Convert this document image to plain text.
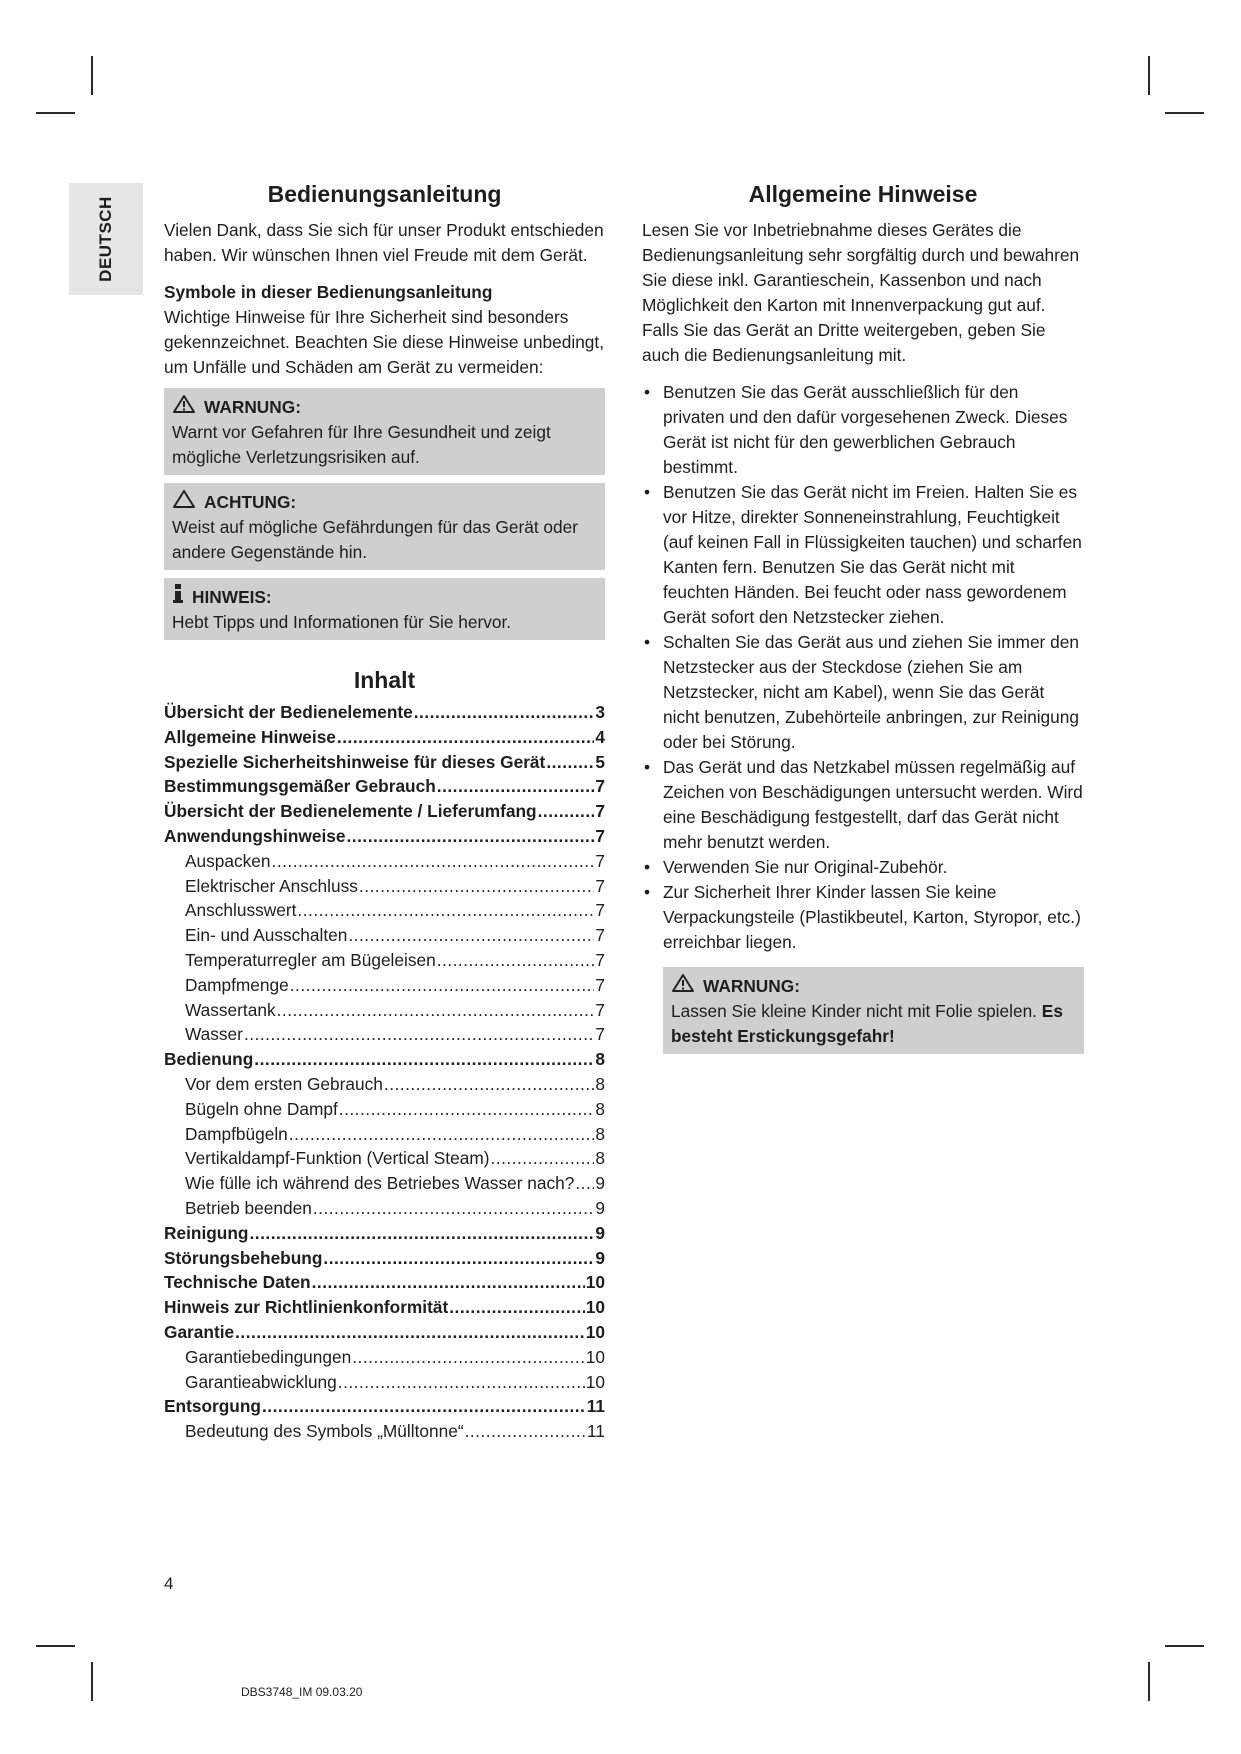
DEUTSCH
Bedienungsanleitung

Vielen Dank, dass Sie sich für unser Produkt entschieden haben. Wir wünschen Ihnen viel Freude mit dem Gerät.

Symbole in dieser Bedienungsanleitung

Wichtige Hinweise für Ihre Sicherheit sind besonders gekennzeichnet. Beachten Sie diese Hinweise unbedingt, um Unfälle und Schäden am Gerät zu vermeiden:

WARNUNG:

Warnt vor Gefahren für Ihre Gesundheit und zeigt mögliche Verletzungsrisiken auf.

ACHTUNG:

Weist auf mögliche Gefährdungen für das Gerät oder andere Gegenstände hin.

HINWEIS:

Hebt Tipps und Informationen für Sie hervor.

Inhalt
Übersicht der Bedienelemente .....	3
Allgemeine Hinweise .....	4
Spezielle Sicherheitshinweise für dieses Gerät .....	5
Bestimmungsgemäßer Gebrauch .....	7
Übersicht der Bedienelemente / Lieferumfang .....	7
Anwendungshinweise .....	7
Auspacken .....	7
Elektrischer Anschluss .....	7
Anschlusswert .....	7
Ein- und Ausschalten .....	7
Temperaturregler am Bügeleisen .....	7
Dampfmenge .....	7
Wassertank .....	7
Wasser .....	7
Bedienung .....	8
Vor dem ersten Gebrauch .....	8
Bügeln ohne Dampf .....	8
Dampfbügeln .....	8
Vertikaldampf-Funktion (Vertical Steam) .....	8
Wie fülle ich während des Betriebes Wasser nach? ..... 9
Betrieb beenden .....	9
Reinigung .....	9
Störungsbehebung .....	9
Technische Daten .....	10
Hinweis zur Richtlinienkonformität .....	10
Garantie .....	10
Garantiebedingungen .....	10
Garantieabwicklung .....	10
Entsorgung .....	11
Bedeutung des Symbols „Mülltonne“ .....	11
Allgemeine Hinweise

Lesen Sie vor Inbetriebnahme dieses Gerätes die Bedienungsanleitung sehr sorgfältig durch und bewahren Sie diese inkl. Garantieschein, Kassenbon und nach Möglichkeit den Karton mit Innenverpackung gut auf. Falls Sie das Gerät an Dritte weitergeben, geben Sie auch die Bedienungsanleitung mit.

• Benutzen Sie das Gerät ausschließlich für den privaten und den dafür vorgesehenen Zweck. Dieses Gerät ist nicht für den gewerblichen Gebrauch bestimmt.
• Benutzen Sie das Gerät nicht im Freien. Halten Sie es vor Hitze, direkter Sonneneinstrahlung, Feuchtigkeit (auf keinen Fall in Flüssigkeiten tauchen) und scharfen Kanten fern. Benutzen Sie das Gerät nicht mit feuchten Händen. Bei feucht oder nass gewordenem Gerät sofort den Netzstecker ziehen.
• Schalten Sie das Gerät aus und ziehen Sie immer den Netzstecker aus der Steckdose (ziehen Sie am Netzstecker, nicht am Kabel), wenn Sie das Gerät nicht benutzen, Zubehörteile anbringen, zur Reinigung oder bei Störung.
• Das Gerät und das Netzkabel müssen regelmäßig auf Zeichen von Beschädigungen untersucht werden. Wird eine Beschädigung festgestellt, darf das Gerät nicht mehr benutzt werden.
• Verwenden Sie nur Original-Zubehör.
• Zur Sicherheit Ihrer Kinder lassen Sie keine Verpackungsteile (Plastikbeutel, Karton, Styropor, etc.) erreichbar liegen.
WARNUNG:

Lassen Sie kleine Kinder nicht mit Folie spielen. Es besteht Erstickungsgefahr!

4
DBS3748_IM 09.03.20
